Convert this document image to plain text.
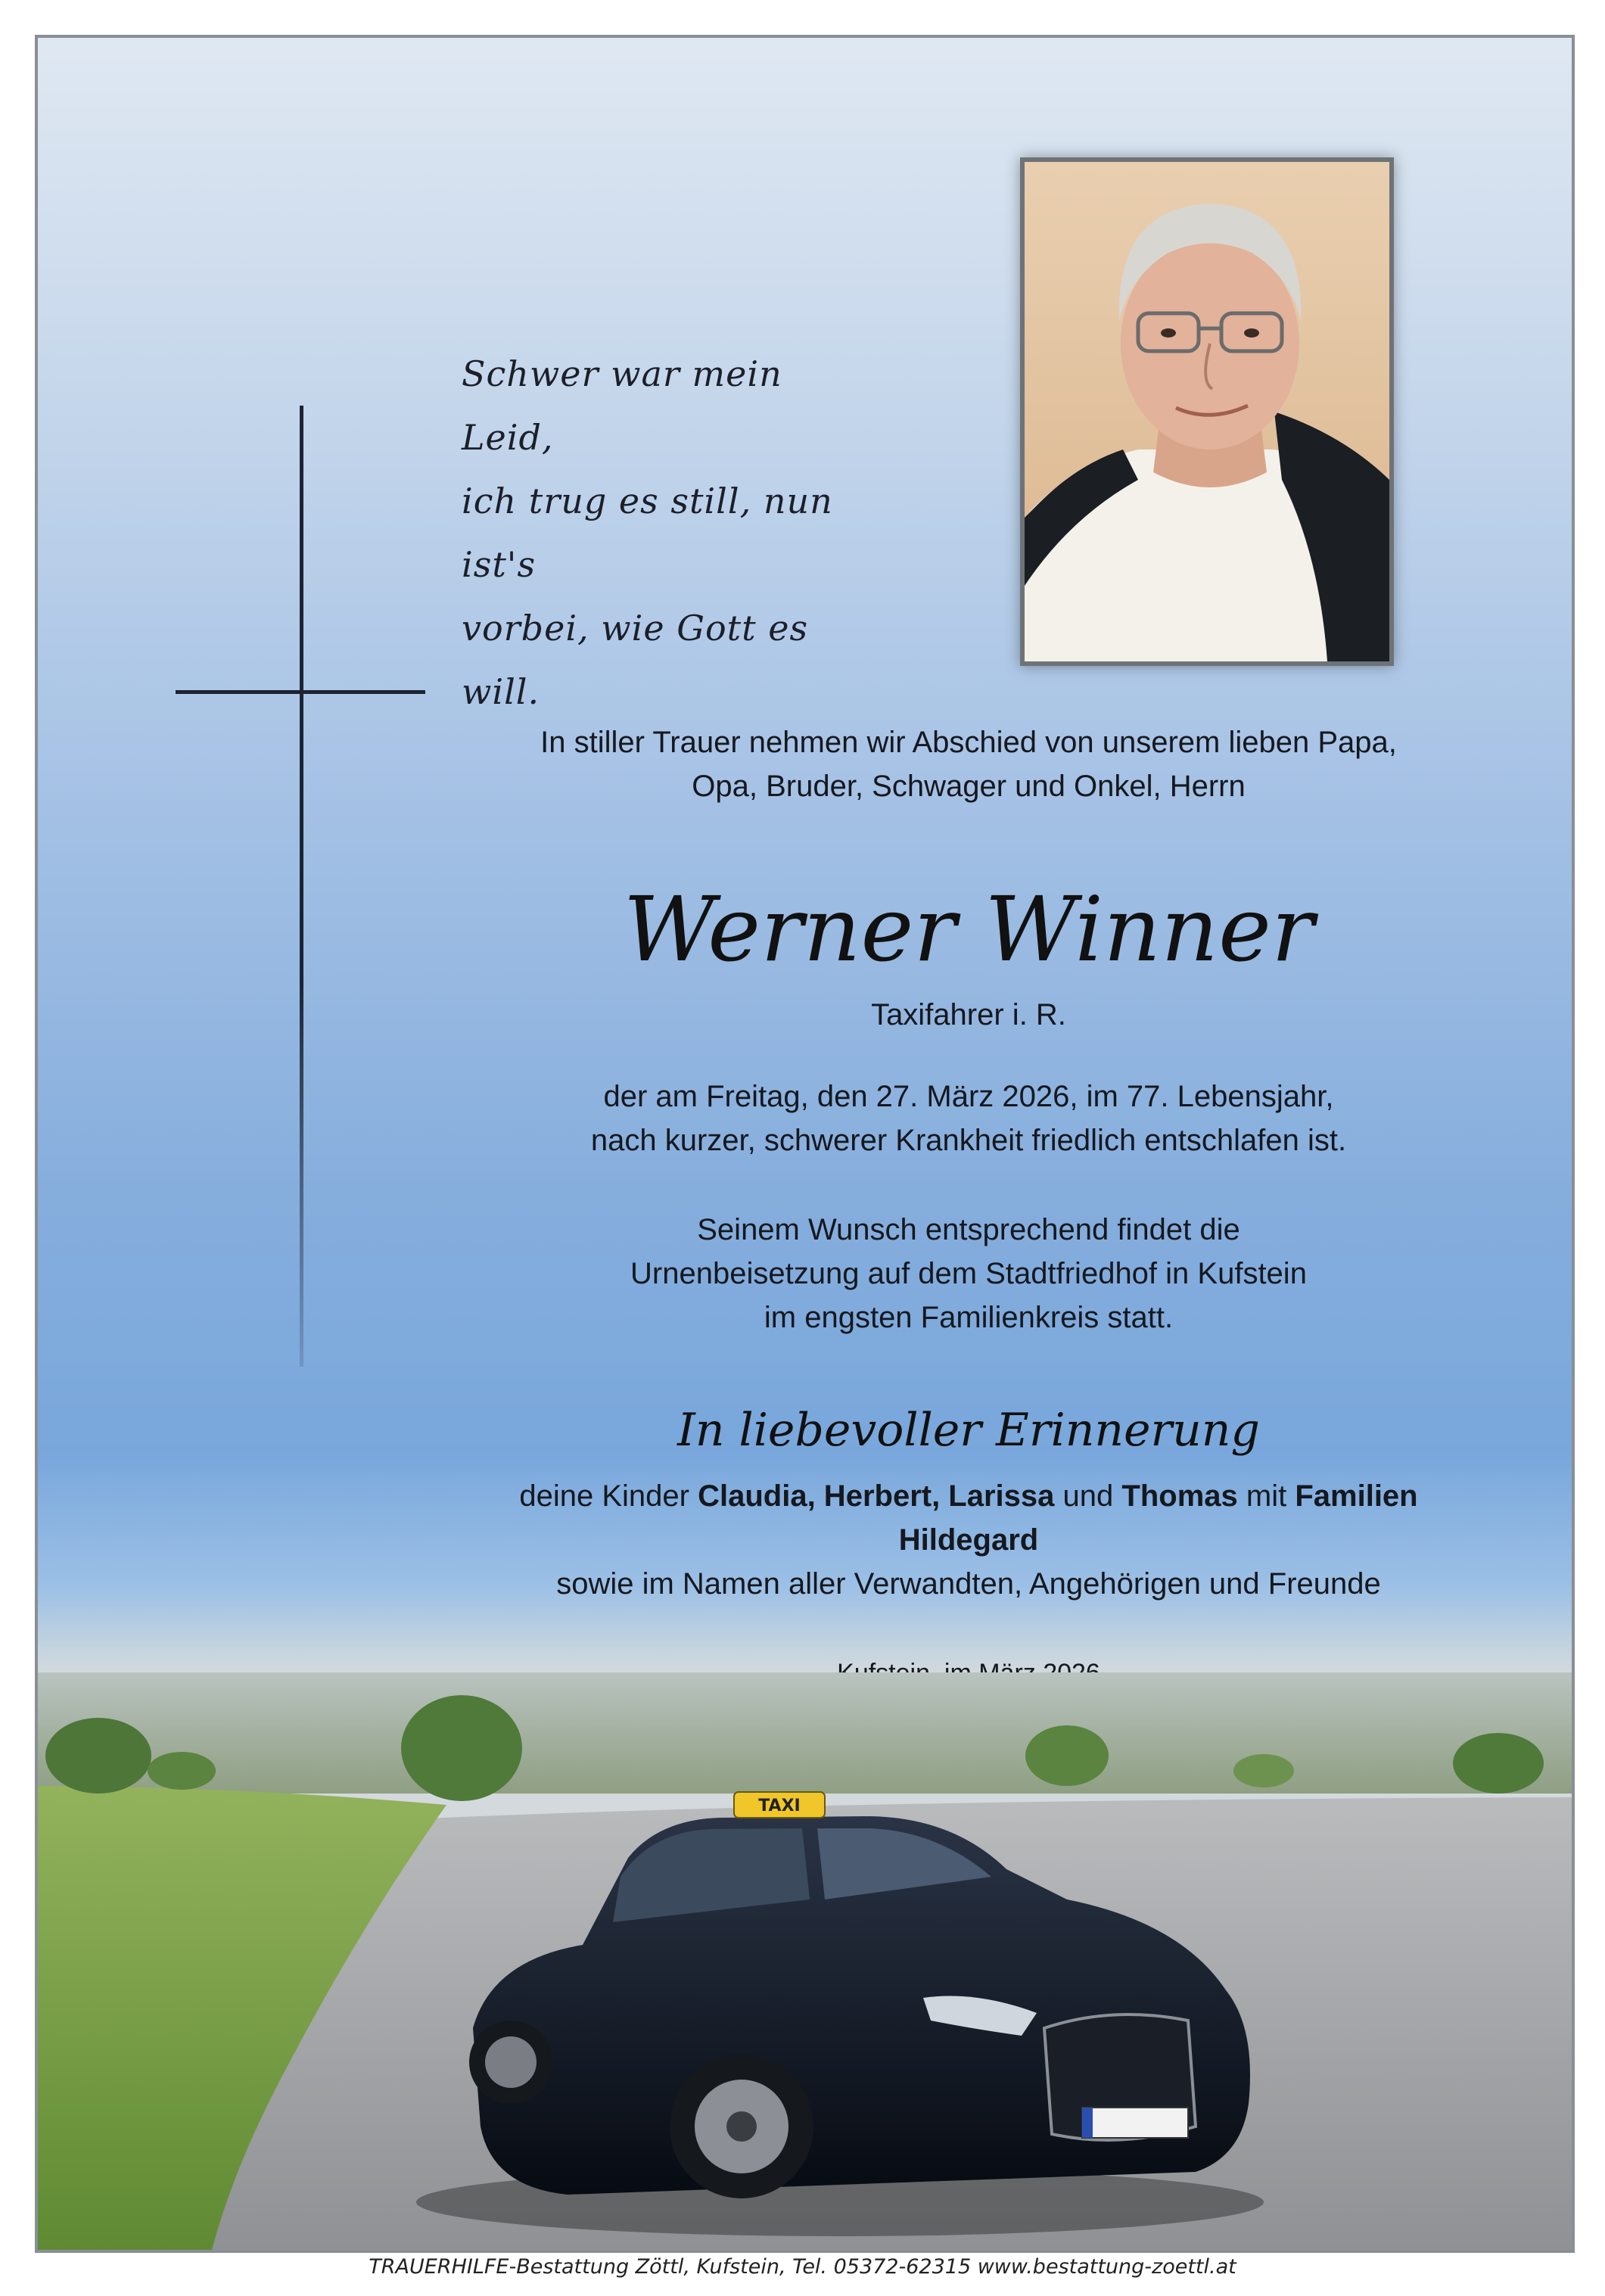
Schwer war mein Leid,
ich trug es still, nun ist's
vorbei, wie Gott es will.
In stiller Trauer nehmen wir Abschied von unserem lieben Papa,
Opa, Bruder, Schwager und Onkel, Herrn
Werner Winner
Taxifahrer i. R.
der am Freitag, den 27. März 2026, im 77. Lebensjahr,
nach kurzer, schwerer Krankheit friedlich entschlafen ist.
Seinem Wunsch entsprechend findet die
Urnenbeisetzung auf dem Stadtfriedhof in Kufstein
im engsten Familienkreis statt.
In liebevoller Erinnerung
deine Kinder Claudia, Herbert, Larissa und Thomas mit Familien
Hildegard
sowie im Namen aller Verwandten, Angehörigen und Freunde
TAXI
TRAUERHILFE-Bestattung Zöttl, Kufstein, Tel. 05372-62315 www.bestattung-zoettl.at
